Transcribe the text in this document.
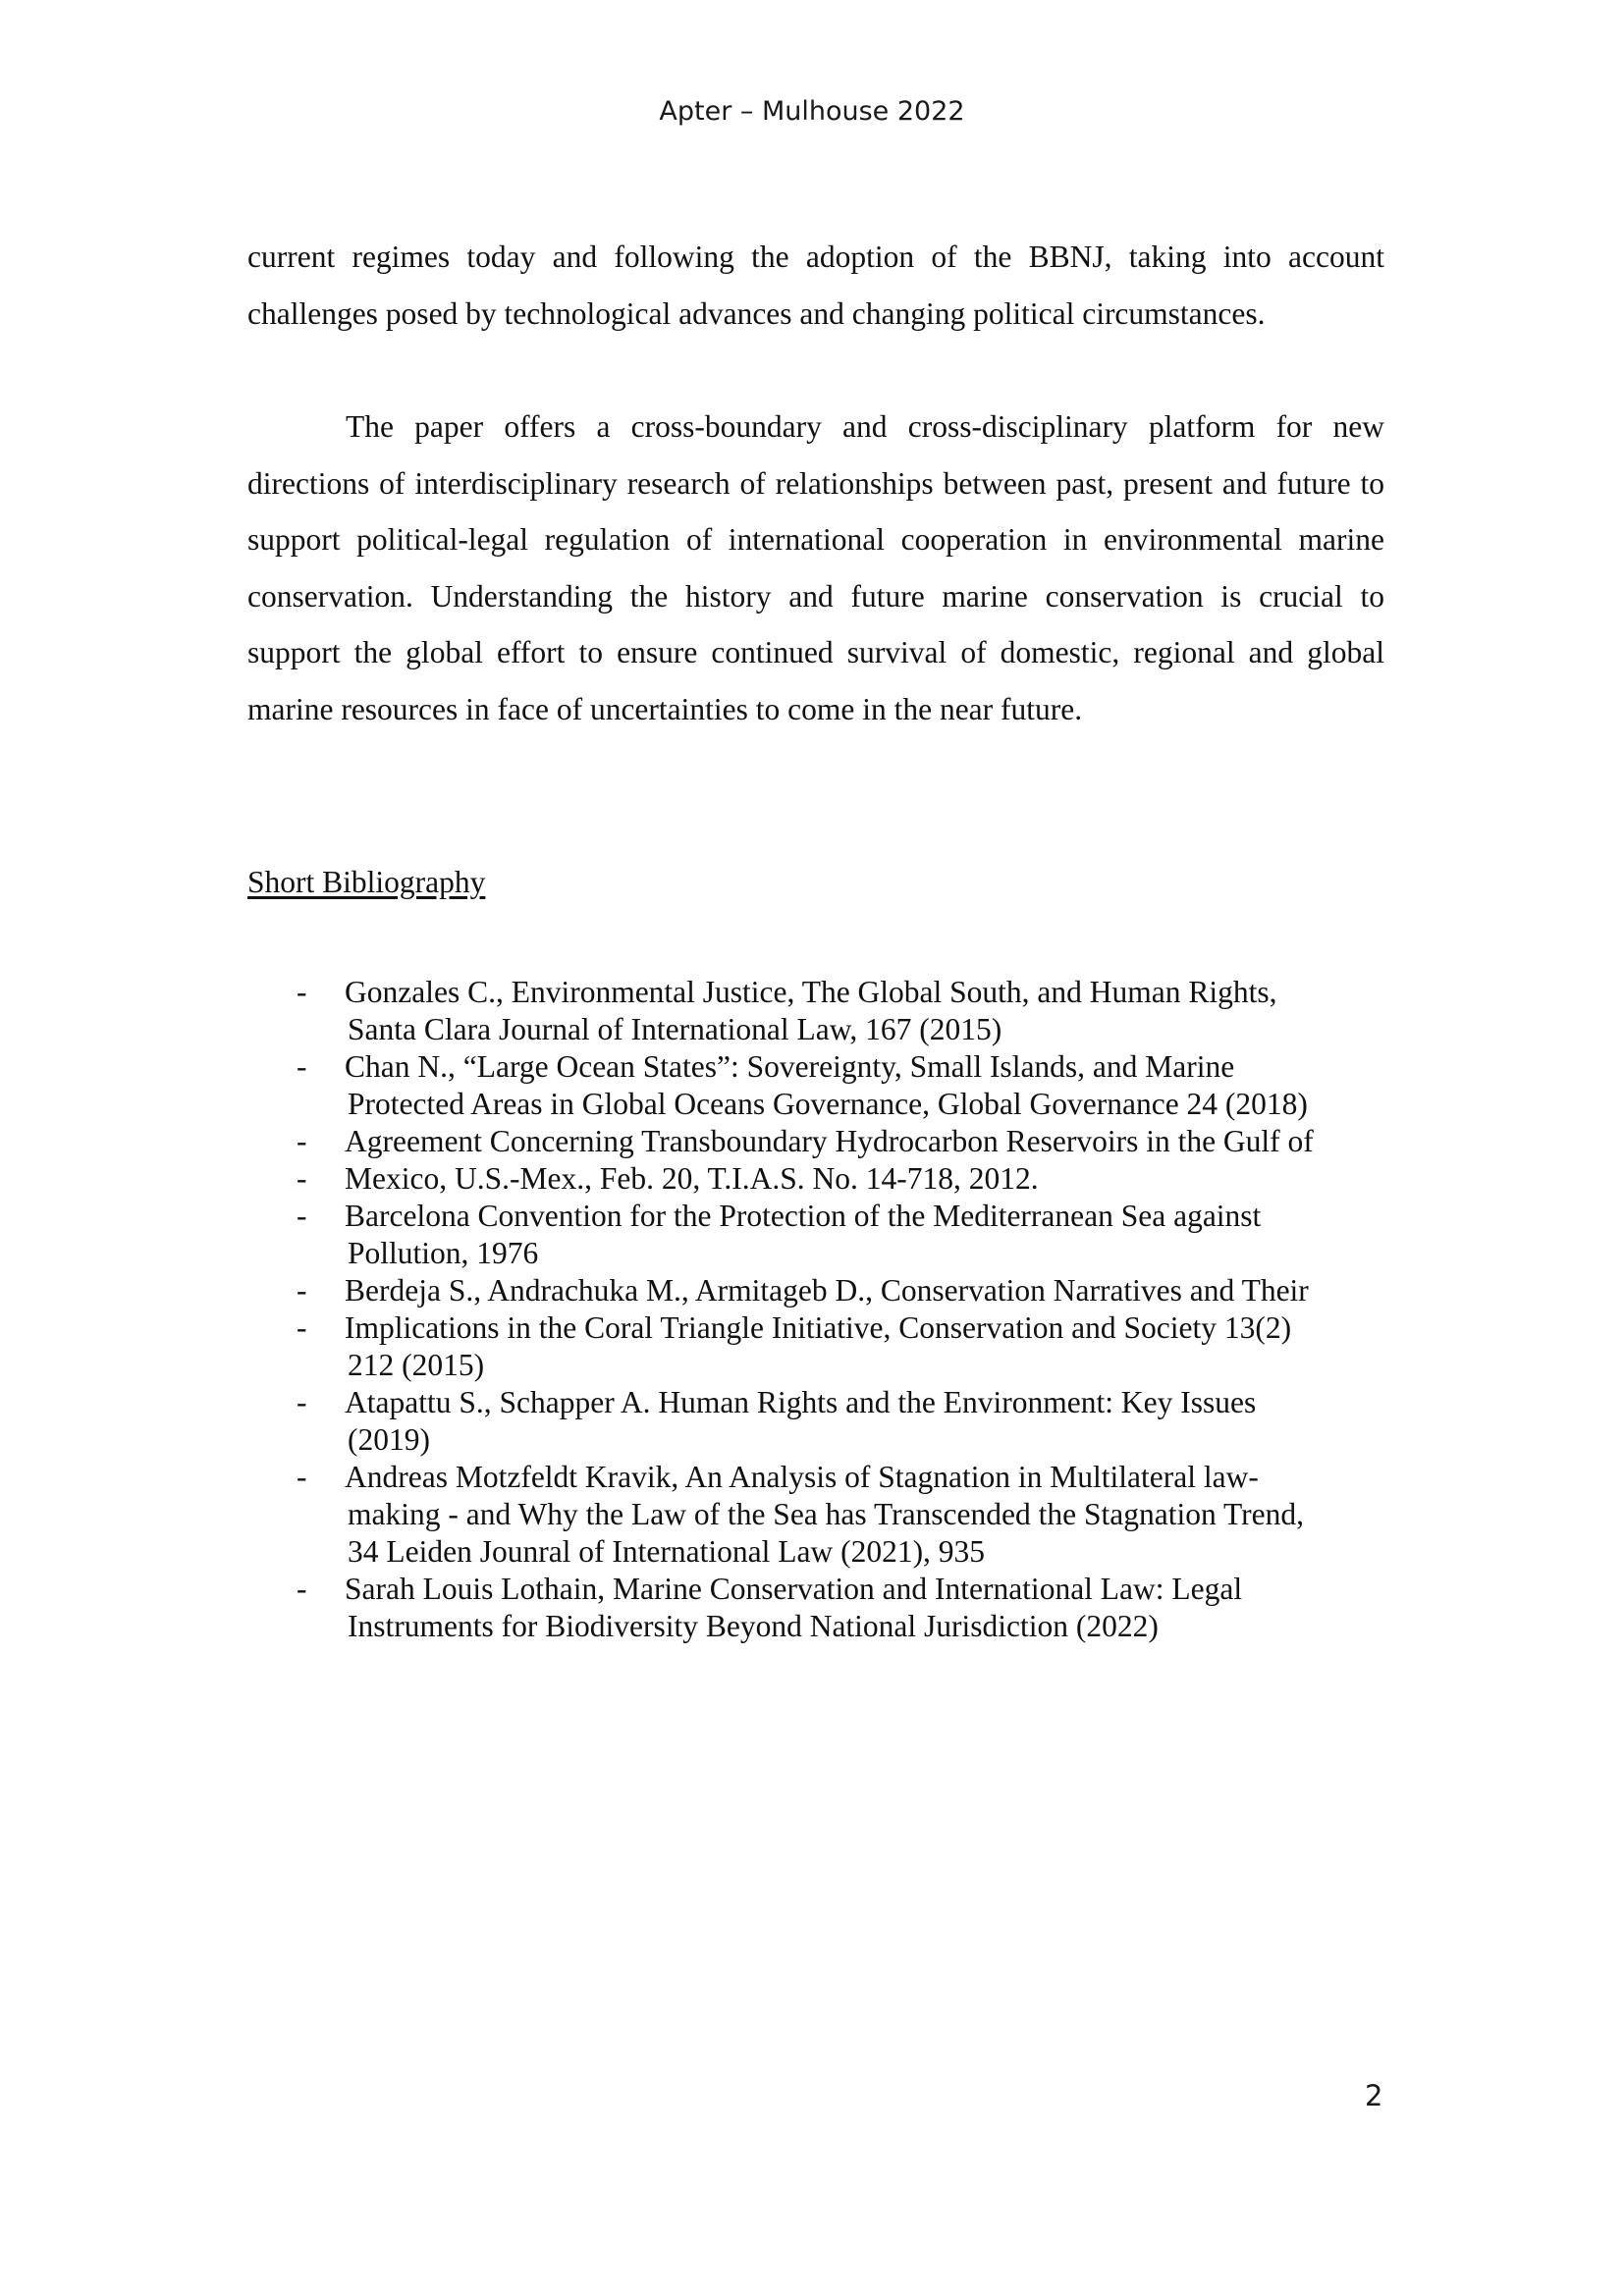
Apter – Mulhouse 2022

current regimes today and following the adoption of the BBNJ, taking into account challenges posed by technological advances and changing political circumstances.

The paper offers a cross-boundary and cross-disciplinary platform for new directions of interdisciplinary research of relationships between past, present and future to support political-legal regulation of international cooperation in environmental marine conservation. Understanding the history and future marine conservation is crucial to support the global effort to ensure continued survival of domestic, regional and global marine resources in face of uncertainties to come in the near future.

Short Bibliography
- Gonzales C., Environmental Justice, The Global South, and Human Rights,
Santa Clara Journal of International Law, 167 (2015)
- Chan N., “Large Ocean States”: Sovereignty, Small Islands, and Marine
Protected Areas in Global Oceans Governance, Global Governance 24 (2018)
- Agreement Concerning Transboundary Hydrocarbon Reservoirs in the Gulf of
- Mexico, U.S.-Mex., Feb. 20, T.I.A.S. No. 14-718, 2012.
- Barcelona Convention for the Protection of the Mediterranean Sea against
Pollution, 1976
- Berdeja S., Andrachuka M., Armitageb D., Conservation Narratives and Their
- Implications in the Coral Triangle Initiative, Conservation and Society 13(2)
212 (2015)
- Atapattu S., Schapper A. Human Rights and the Environment: Key Issues
(2019)
- Andreas Motzfeldt Kravik, An Analysis of Stagnation in Multilateral law-
making - and Why the Law of the Sea has Transcended the Stagnation Trend,
34 Leiden Jounral of International Law (2021), 935
- Sarah Louis Lothain, Marine Conservation and International Law: Legal
Instruments for Biodiversity Beyond National Jurisdiction (2022)
2
